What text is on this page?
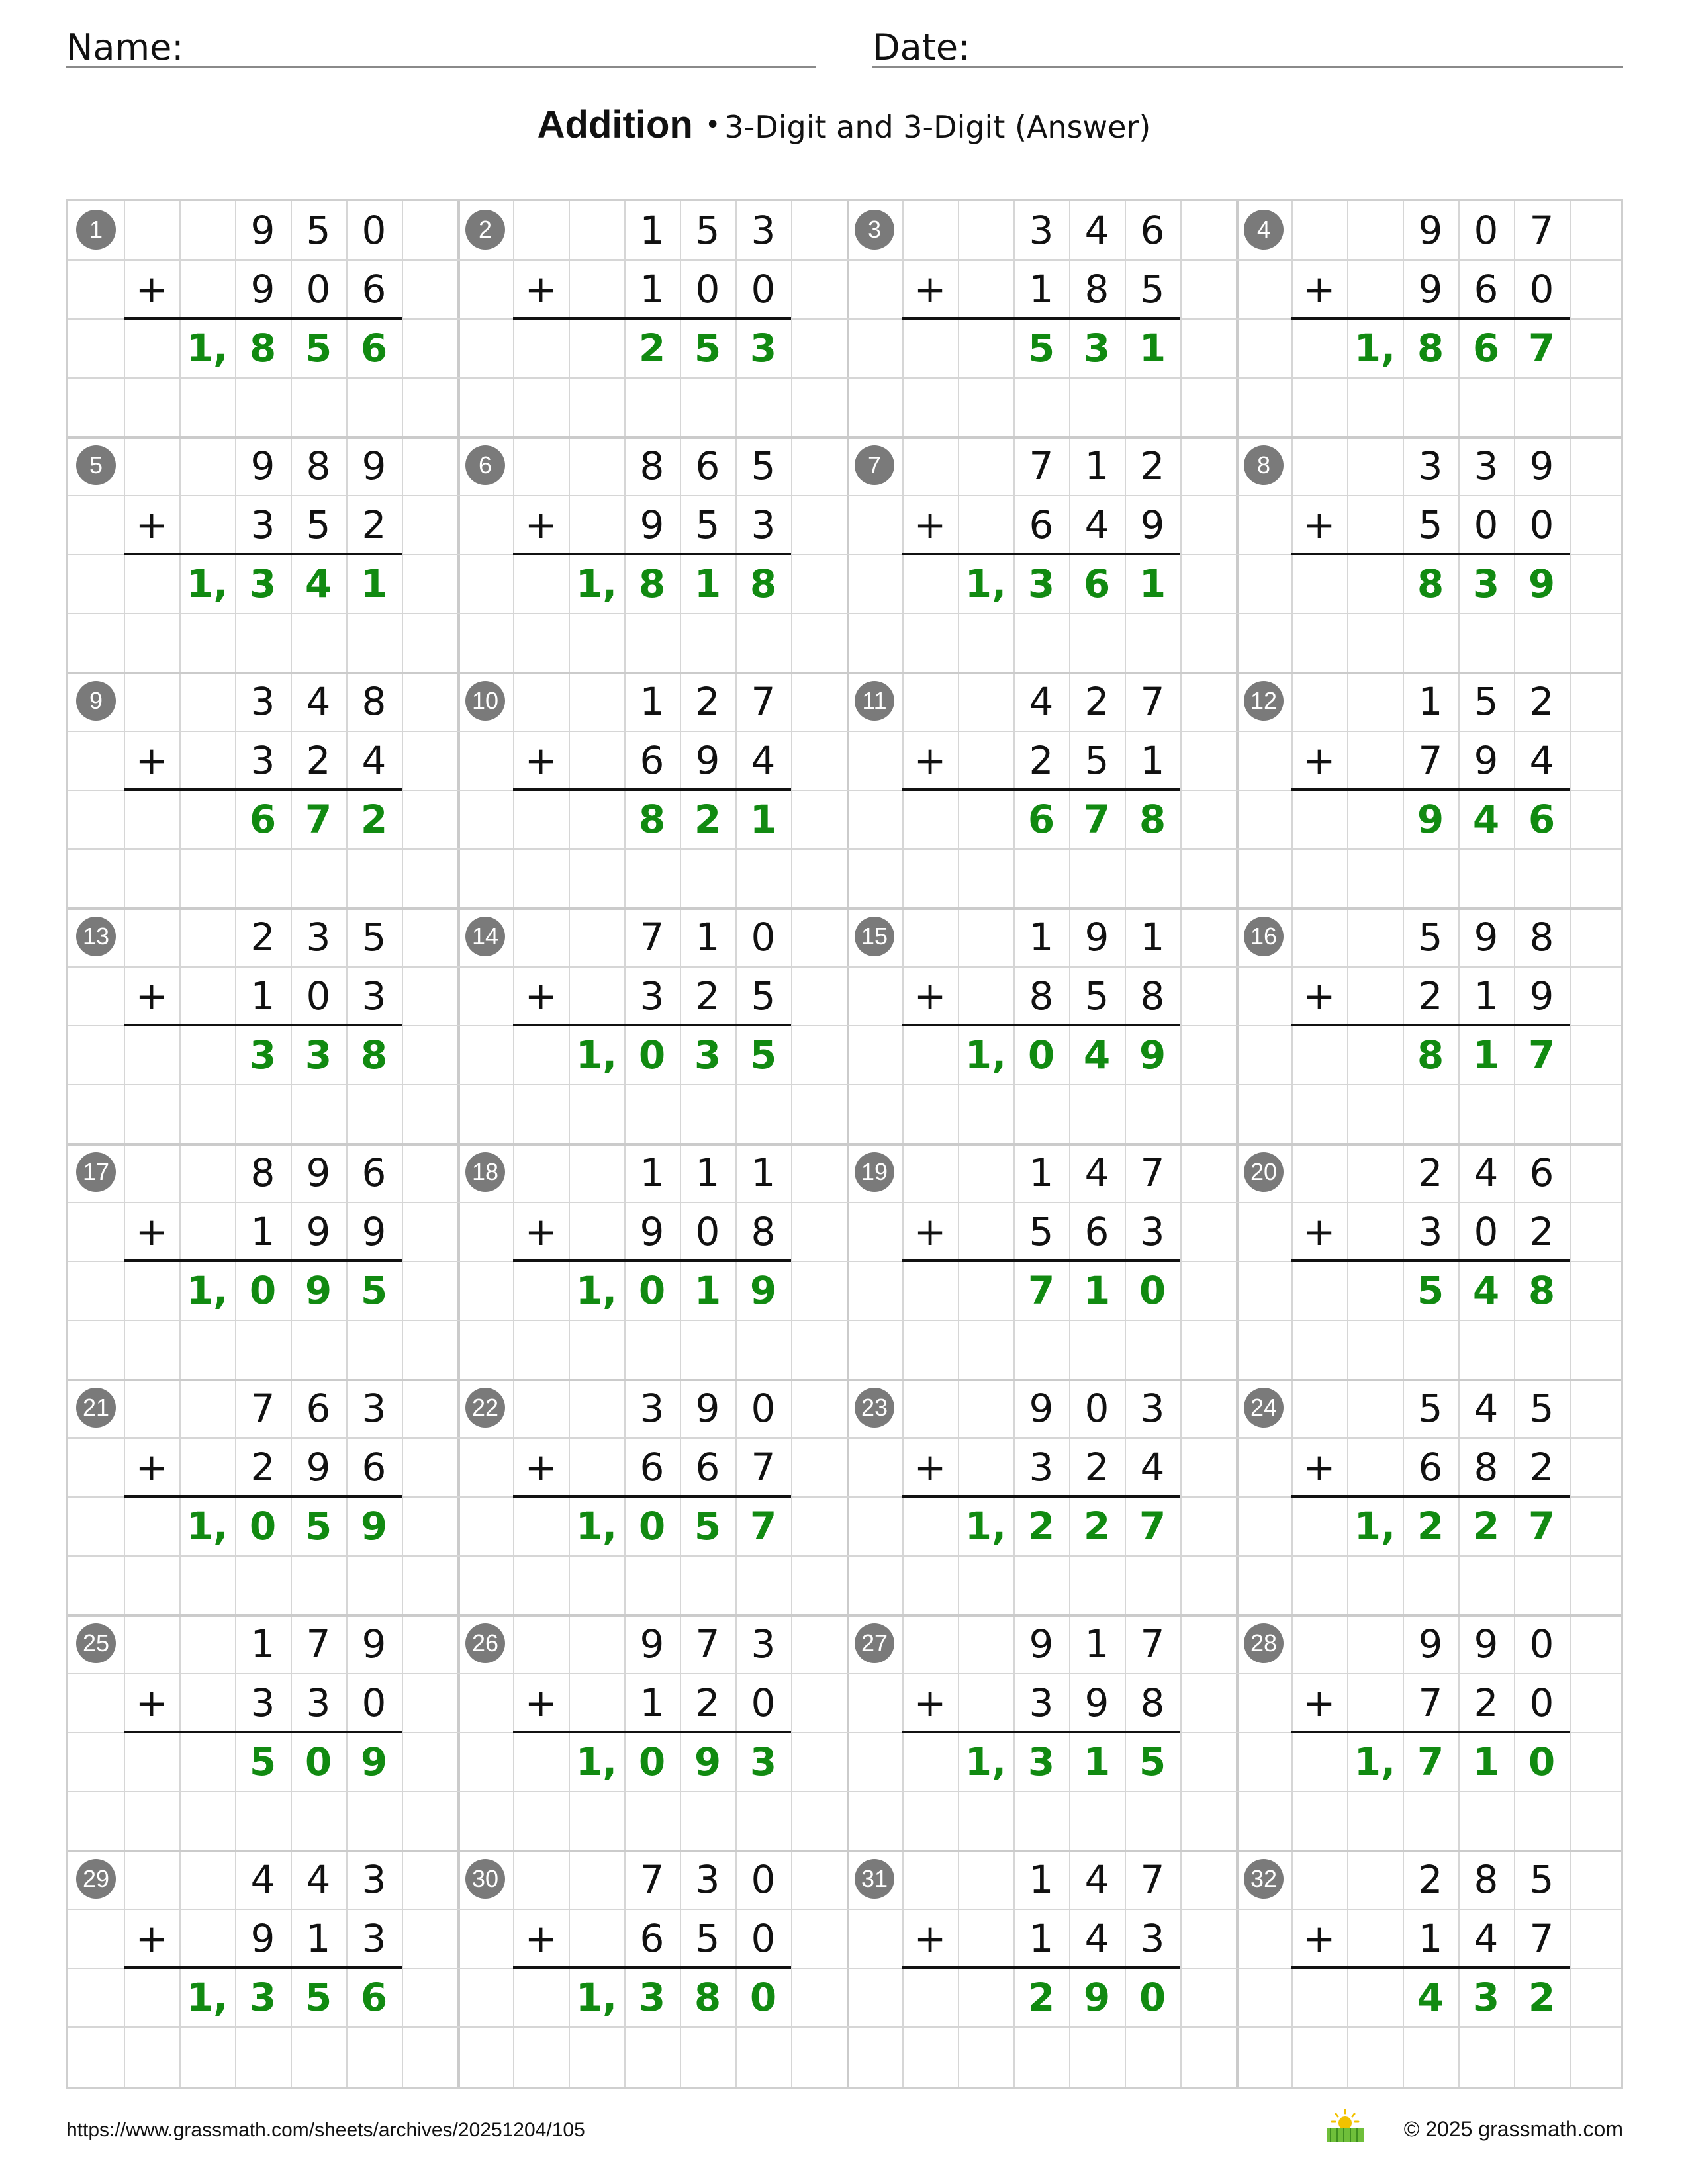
Name:	Date:
Addition • 3-Digit and 3-Digit (Answer)
1	9 5 0
+	9 0 6
1, 8 5 6
2	1 5 3
+	1 0 0
2 5 3
3	3 4 6
+	1 8 5
5 3 1
4	9 0 7
+	9 6 0
1, 8 6 7
5	9 8 9
+	3 5 2
1, 3 4 1
6	8 6 5
+	9 5 3
1, 8 1 8
7	7 1 2
+	6 4 9
1, 3 6 1
8	3 3 9
+	5 0 0
8 3 9
9	3 4 8
+	3 2 4
6 7 2
10	1 2 7
+	6 9 4
8 2 1
11	4 2 7
+	2 5 1
6 7 8
12	1 5 2
+	7 9 4
9 4 6
13	2 3 5
+	1 0 3
3 3 8
14	7 1 0
+	3 2 5
1, 0 3 5
15	1 9 1
+	8 5 8
1, 0 4 9
16	5 9 8
+	2 1 9
8 1 7
17	8 9 6
+	1 9 9
1, 0 9 5
18	1 1 1
+	9 0 8
1, 0 1 9
19	1 4 7
+	5 6 3
7 1 0
20	2 4 6
+	3 0 2
5 4 8
21	7 6 3
+	2 9 6
1, 0 5 9
22	3 9 0
+	6 6 7
1, 0 5 7
23	9 0 3
+	3 2 4
1, 2 2 7
24	5 4 5
+	6 8 2
1, 2 2 7
25	1 7 9
+	3 3 0
5 0 9
26	9 7 3
+	1 2 0
1, 0 9 3
27	9 1 7
+	3 9 8
1, 3 1 5
28	9 9 0
+	7 2 0
1, 7 1 0
29	4 4 3
+	9 1 3
1, 3 5 6
30	7 3 0
+	6 5 0
1, 3 8 0
31	1 4 7
+	1 4 3
2 9 0
32	2 8 5
+	1 4 7
4 3 2
https://www.grassmath.com/sheets/archives/20251204/105	© 2025 grassmath.com
